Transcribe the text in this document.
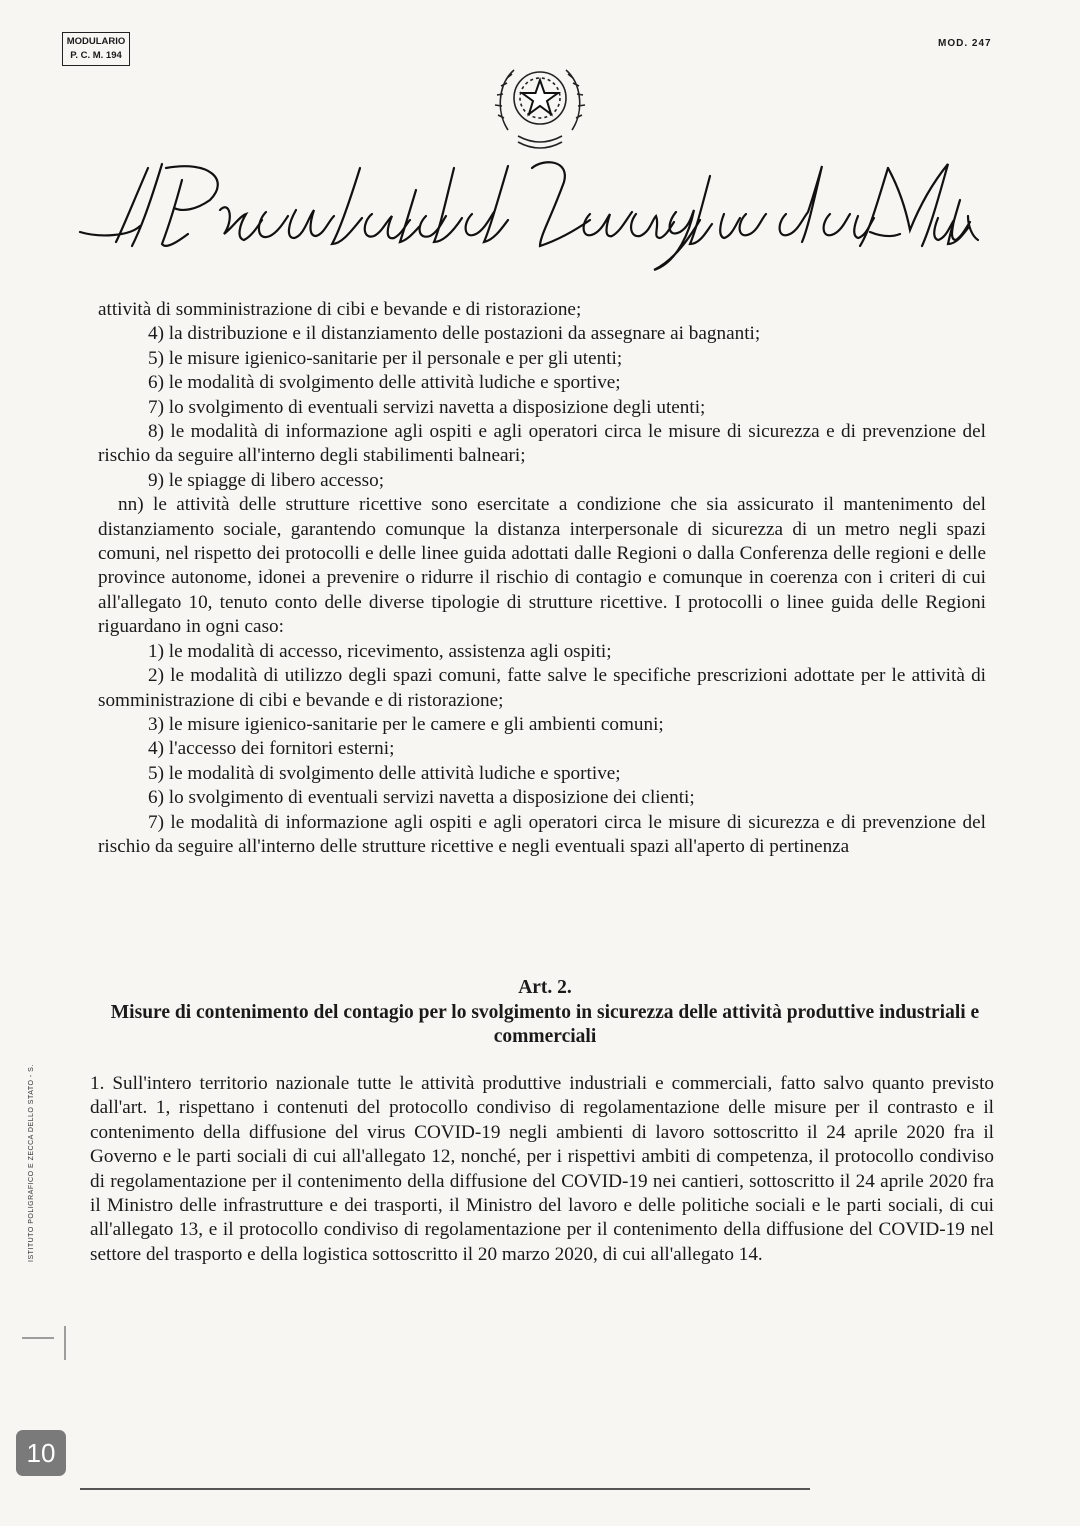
MODULARIO
P. C. M. 194
MOD. 247
ISTITUTO POLIGRAFICO E ZECCA DELLO STATO - S.

attività di somministrazione di cibi e bevande e di ristorazione;

4) la distribuzione e il distanziamento delle postazioni da assegnare ai bagnanti;

5) le misure igienico-sanitarie per il personale e per gli utenti;

6) le modalità di svolgimento delle attività ludiche e sportive;

7) lo svolgimento di eventuali servizi navetta a disposizione degli utenti;

8) le modalità di informazione agli ospiti e agli operatori circa le misure di sicurezza e di prevenzione del rischio da seguire all'interno degli stabilimenti balneari;

9) le spiagge di libero accesso;

nn) le attività delle strutture ricettive sono esercitate a condizione che sia assicurato il mantenimento del distanziamento sociale, garantendo comunque la distanza interpersonale di sicurezza di un metro negli spazi comuni, nel rispetto dei protocolli e delle linee guida adottati dalle Regioni o dalla Conferenza delle regioni e delle province autonome, idonei a prevenire o ridurre il rischio di contagio e comunque in coerenza con i criteri di cui all'allegato 10, tenuto conto delle diverse tipologie di strutture ricettive. I protocolli o linee guida delle Regioni riguardano in ogni caso:

1) le modalità di accesso, ricevimento, assistenza agli ospiti;

2) le modalità di utilizzo degli spazi comuni, fatte salve le specifiche prescrizioni adottate per le attività di somministrazione di cibi e bevande e di ristorazione;

3) le misure igienico-sanitarie per le camere e gli ambienti comuni;

4) l'accesso dei fornitori esterni;

5) le modalità di svolgimento delle attività ludiche e sportive;

6) lo svolgimento di eventuali servizi navetta a disposizione dei clienti;

7) le modalità di informazione agli ospiti e agli operatori circa le misure di sicurezza e di prevenzione del rischio da seguire all'interno delle strutture ricettive e negli eventuali spazi all'aperto di pertinenza

Art. 2.

Misure di contenimento del contagio per lo svolgimento in sicurezza delle attività produttive industriali e commerciali

1. Sull'intero territorio nazionale tutte le attività produttive industriali e commerciali, fatto salvo quanto previsto dall'art. 1, rispettano i contenuti del protocollo condiviso di regolamentazione delle misure per il contrasto e il contenimento della diffusione del virus COVID-19 negli ambienti di lavoro sottoscritto il 24 aprile 2020 fra il Governo e le parti sociali di cui all'allegato 12, nonché, per i rispettivi ambiti di competenza, il protocollo condiviso di regolamentazione per il contenimento della diffusione del COVID-19 nei cantieri, sottoscritto il 24 aprile 2020 fra il Ministro delle infrastrutture e dei trasporti, il Ministro del lavoro e delle politiche sociali e le parti sociali, di cui all'allegato 13, e il protocollo condiviso di regolamentazione per il contenimento della diffusione del COVID-19 nel settore del trasporto e della logistica sottoscritto il 20 marzo 2020, di cui all'allegato 14.

10
